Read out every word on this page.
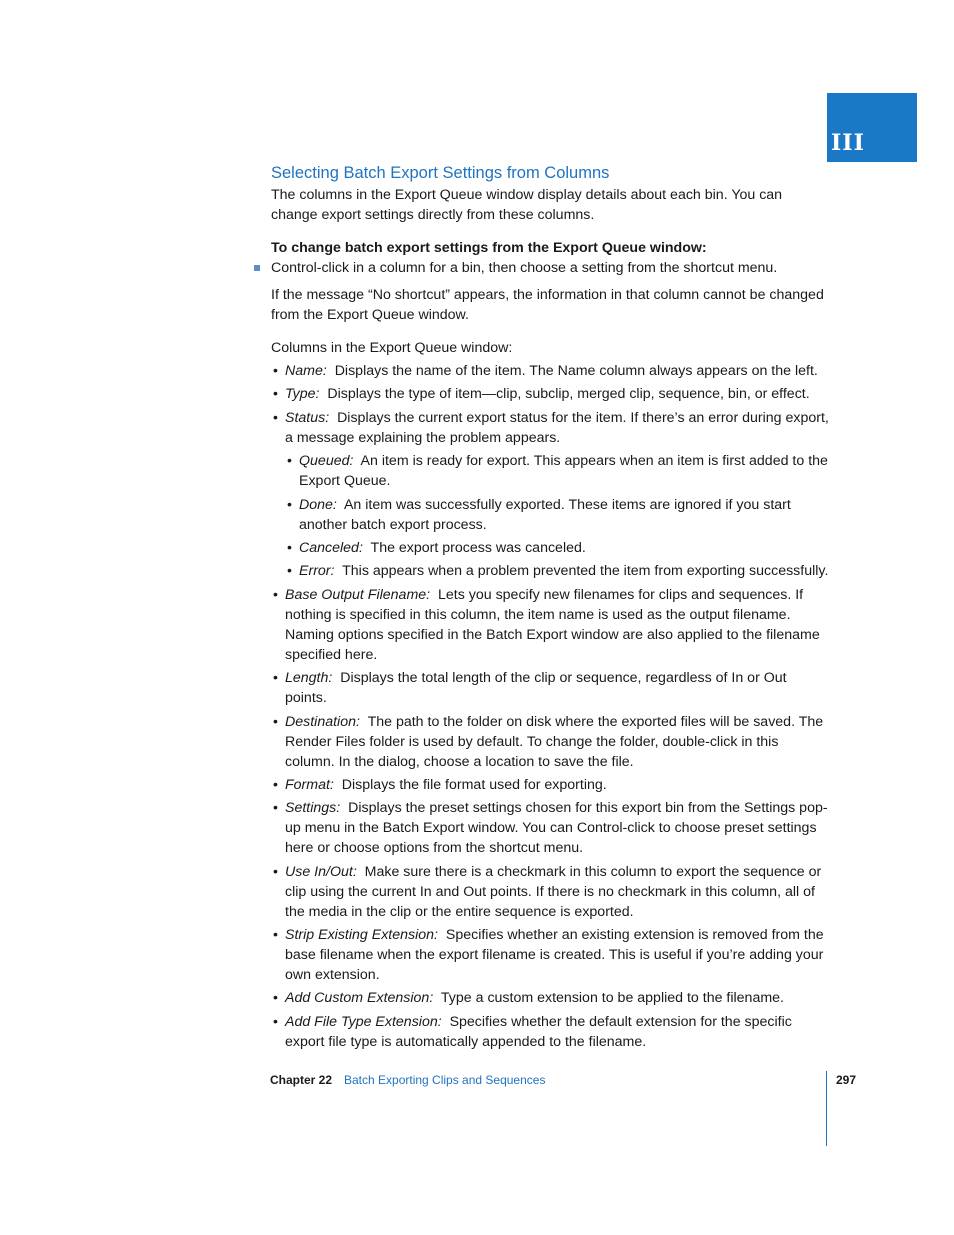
III
Selecting Batch Export Settings from Columns

The columns in the Export Queue window display details about each bin. You can change export settings directly from these columns.

To change batch export settings from the Export Queue window:

Control-click in a column for a bin, then choose a setting from the shortcut menu.

If the message “No shortcut” appears, the information in that column cannot be changed from the Export Queue window.

Columns in the Export Queue window:

• Name: Displays the name of the item. The Name column always appears on the left.
• Type: Displays the type of item—clip, subclip, merged clip, sequence, bin, or effect.
• Status: Displays the current export status for the item. If there’s an error during export, a message explaining the problem appears.
• Queued: An item is ready for export. This appears when an item is first added to the Export Queue.
• Done: An item was successfully exported. These items are ignored if you start another batch export process.
• Canceled: The export process was canceled.
• Error: This appears when a problem prevented the item from exporting successfully.
• Base Output Filename: Lets you specify new filenames for clips and sequences. If nothing is specified in this column, the item name is used as the output filename. Naming options specified in the Batch Export window are also applied to the filename specified here.
• Length: Displays the total length of the clip or sequence, regardless of In or Out points.
• Destination: The path to the folder on disk where the exported files will be saved. The Render Files folder is used by default. To change the folder, double-click in this column. In the dialog, choose a location to save the file.
• Format: Displays the file format used for exporting.
• Settings: Displays the preset settings chosen for this export bin from the Settings pop-up menu in the Batch Export window. You can Control-click to choose preset settings here or choose options from the shortcut menu.
• Use In/Out: Make sure there is a checkmark in this column to export the sequence or clip using the current In and Out points. If there is no checkmark in this column, all of the media in the clip or the entire sequence is exported.
• Strip Existing Extension: Specifies whether an existing extension is removed from the base filename when the export filename is created. This is useful if you’re adding your own extension.
• Add Custom Extension: Type a custom extension to be applied to the filename.
• Add File Type Extension: Specifies whether the default extension for the specific export file type is automatically appended to the filename.
Chapter 22 Batch Exporting Clips and Sequences	297
